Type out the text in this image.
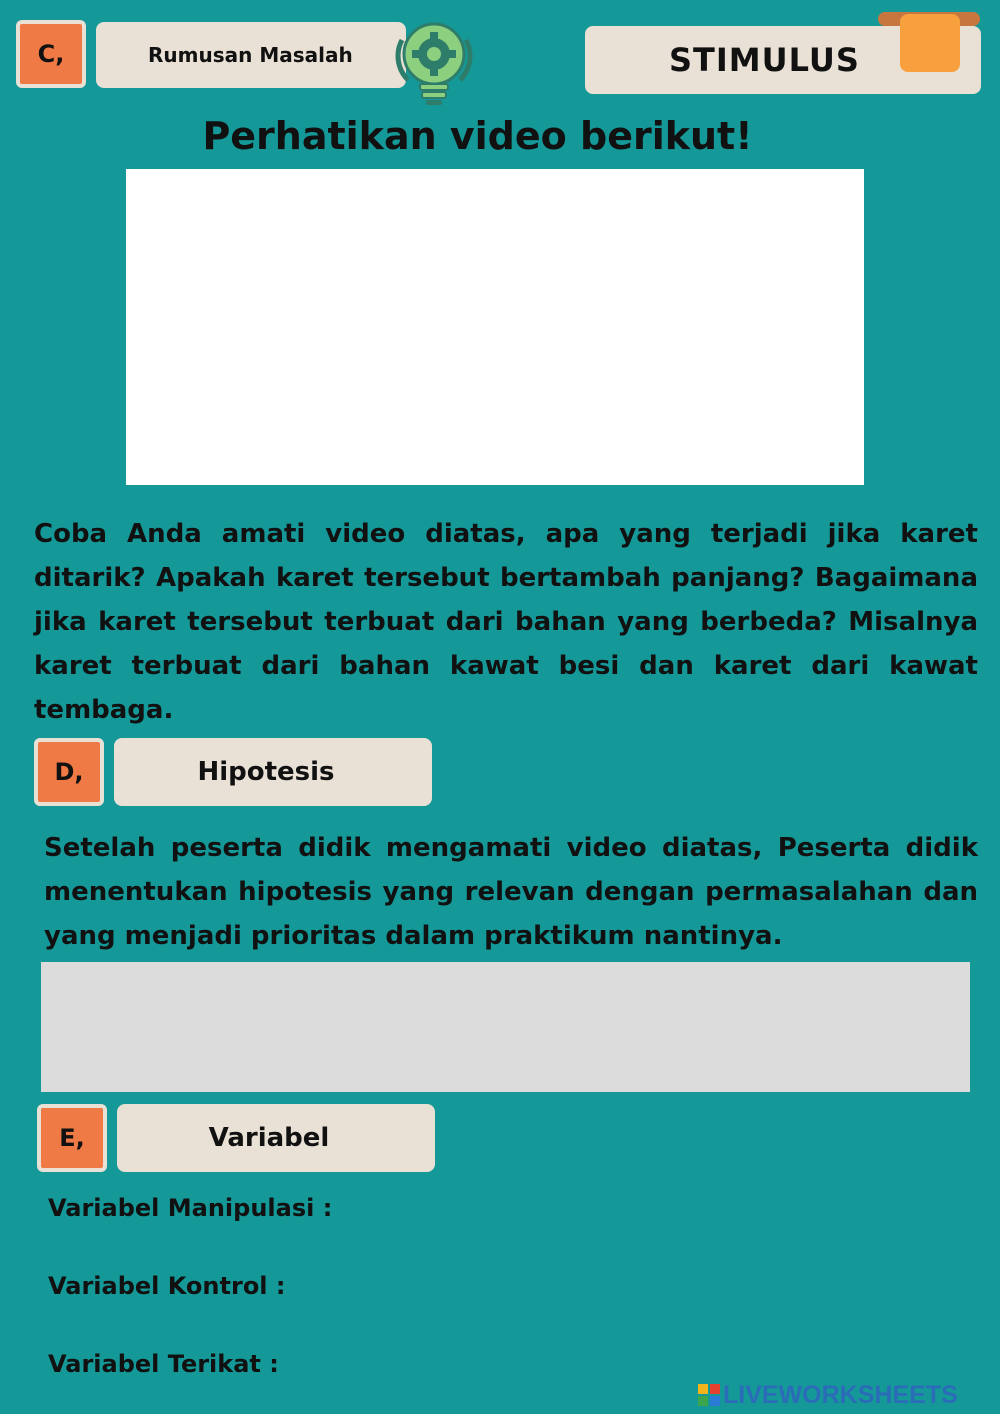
C,	Rumusan Masalah	STIMULUS
Perhatikan video berikut!

Coba Anda amati video diatas, apa yang terjadi jika karet ditarik? Apakah karet tersebut bertambah panjang? Bagaimana jika karet tersebut terbuat dari bahan yang berbeda? Misalnya karet terbuat dari bahan kawat besi dan karet dari kawat tembaga.

D,	Hipotesis

Setelah peserta didik mengamati video diatas, Peserta didik menentukan hipotesis yang relevan dengan permasalahan dan yang menjadi prioritas dalam praktikum nantinya.

E,	Variabel
Variabel Manipulasi :
Variabel Kontrol :
Variabel Terikat :
LIVEWORKSHEETS
